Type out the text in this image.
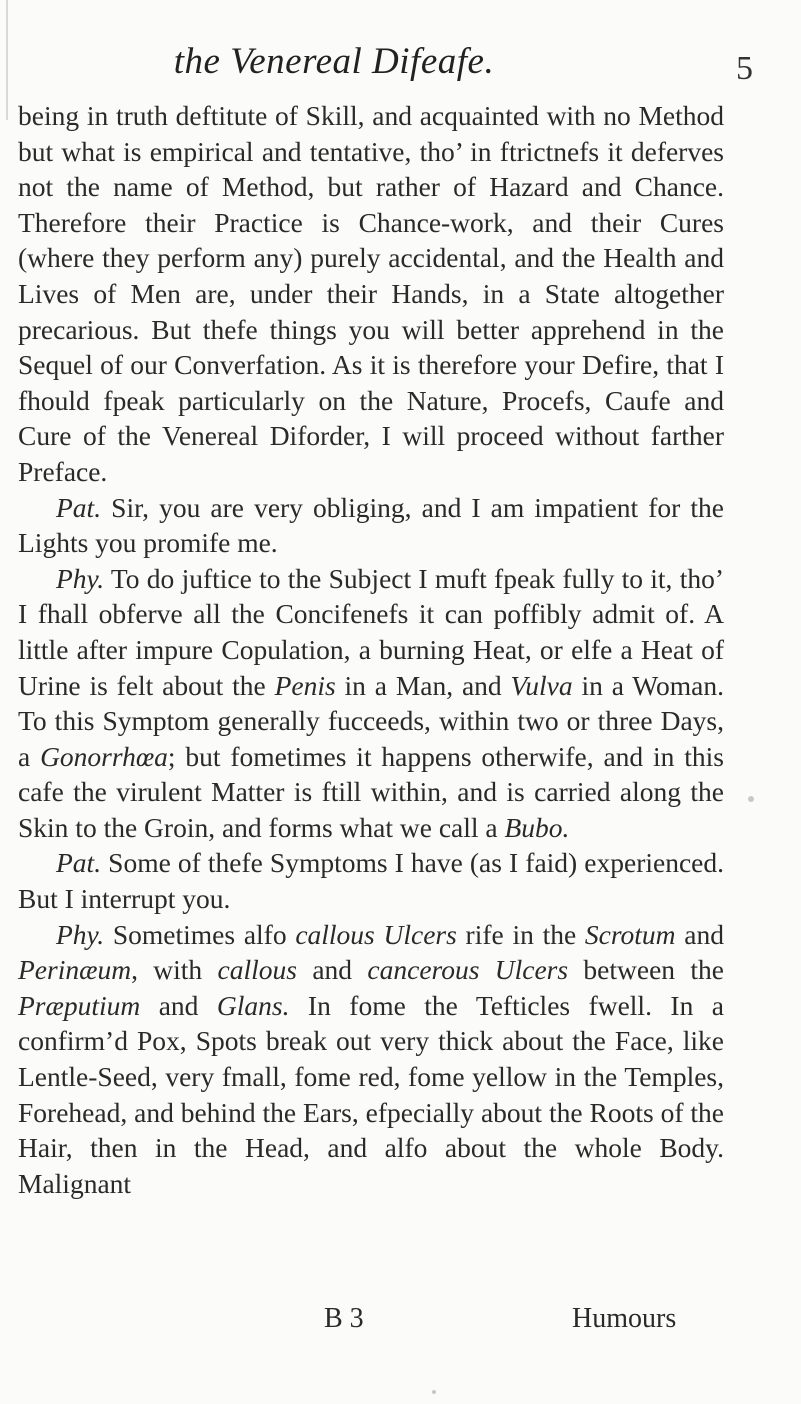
the Venereal Difeafe.	5

being in truth deftitute of Skill, and acquainted with no Method but what is empirical and tentative, tho’ in ftrictnefs it deferves not the name of Method, but rather of Hazard and Chance. Therefore their Practice is Chance-work, and their Cures (where they perform any) purely accidental, and the Health and Lives of Men are, under their Hands, in a State altogether precarious. But thefe things you will better apprehend in the Sequel of our Converfation. As it is therefore your Defire, that I fhould fpeak particularly on the Nature, Procefs, Caufe and Cure of the Venereal Diforder, I will proceed without farther Preface.

Pat. Sir, you are very obliging, and I am impatient for the Lights you promife me.

Phy. To do juftice to the Subject I muft fpeak fully to it, tho’ I fhall obferve all the Concifenefs it can poffibly admit of. A little after impure Copulation, a burning Heat, or elfe a Heat of Urine is felt about the Penis in a Man, and Vulva in a Woman. To this Symptom generally fucceeds, within two or three Days, a Gonorrhœa; but fometimes it happens otherwife, and in this cafe the virulent Matter is ftill within, and is carried along the Skin to the Groin, and forms what we call a Bubo.

Pat. Some of thefe Symptoms I have (as I faid) experienced. But I interrupt you.

Phy. Sometimes alfo callous Ulcers rife in the Scrotum and Perinæum, with callous and cancerous Ulcers between the Præputium and Glans. In fome the Tefticles fwell. In a confirm’d Pox, Spots break out very thick about the Face, like Lentle-Seed, very fmall, fome red, fome yellow in the Temples, Forehead, and behind the Ears, efpecially about the Roots of the Hair, then in the Head, and alfo about the whole Body. Malignant

B 3	Humours
